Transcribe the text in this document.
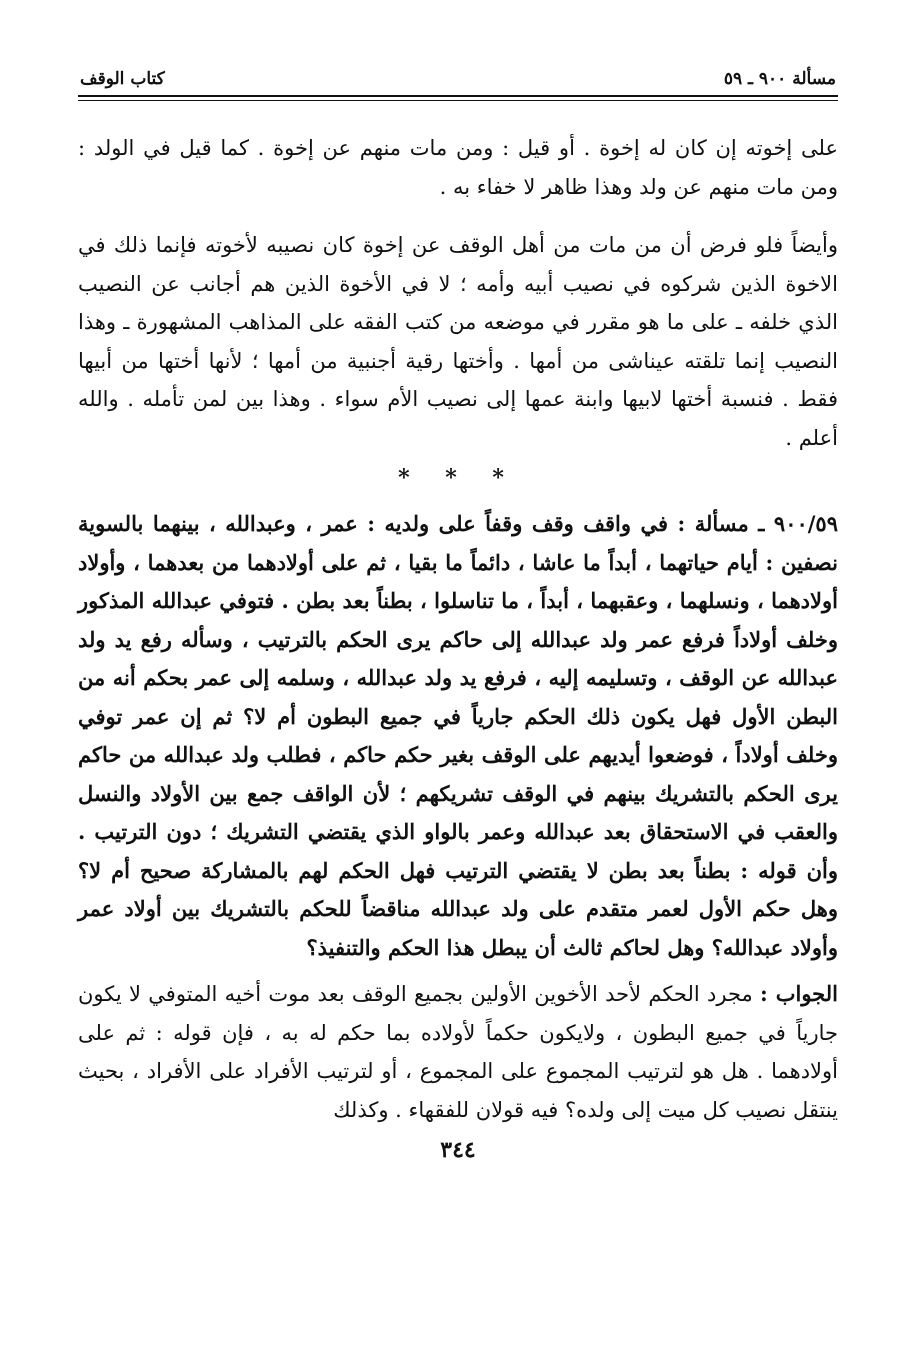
مسألة ٩٠٠ ـ ٥٩
كتاب الوقف

على إخوته إن كان له إخوة . أو قيل : ومن مات منهم عن إخوة . كما قيل في الولد : ومن مات منهم عن ولد وهذا ظاهر لا خفاء به .

وأيضاً فلو فرض أن من مات من أهل الوقف عن إخوة كان نصيبه لأخوته فإنما ذلك في الاخوة الذين شركوه في نصيب أبيه وأمه ؛ لا في الأخوة الذين هم أجانب عن النصيب الذي خلفه ـ على ما هو مقرر في موضعه من كتب الفقه على المذاهب المشهورة ـ وهذا النصيب إنما تلقته عيناشى من أمها . وأختها رقية أجنبية من أمها ؛ لأنها أختها من أبيها فقط . فنسبة أختها لابيها وابنة عمها إلى نصيب الأم سواء . وهذا بين لمن تأمله . والله أعلم .

* * *

٩٠٠/٥٩ ـ مسألة : في واقف وقف وقفاً على ولديه : عمر ، وعبدالله ، بينهما بالسوية نصفين : أيام حياتهما ، أبداً ما عاشا ، دائماً ما بقيا ، ثم على أولادهما من بعدهما ، وأولاد أولادهما ، ونسلهما ، وعقبهما ، أبداً ، ما تناسلوا ، بطناً بعد بطن . فتوفي عبدالله المذكور وخلف أولاداً فرفع عمر ولد عبدالله إلى حاكم يرى الحكم بالترتيب ، وسأله رفع يد ولد عبدالله عن الوقف ، وتسليمه إليه ، فرفع يد ولد عبدالله ، وسلمه إلى عمر بحكم أنه من البطن الأول فهل يكون ذلك الحكم جارياً في جميع البطون أم لا؟ ثم إن عمر توفي وخلف أولاداً ، فوضعوا أيديهم على الوقف بغير حكم حاكم ، فطلب ولد عبدالله من حاكم يرى الحكم بالتشريك بينهم في الوقف تشريكهم ؛ لأن الواقف جمع بين الأولاد والنسل والعقب في الاستحقاق بعد عبدالله وعمر بالواو الذي يقتضي التشريك ؛ دون الترتيب . وأن قوله : بطناً بعد بطن لا يقتضي الترتيب فهل الحكم لهم بالمشاركة صحيح أم لا؟ وهل حكم الأول لعمر متقدم على ولد عبدالله مناقضاً للحكم بالتشريك بين أولاد عمر وأولاد عبدالله؟ وهل لحاكم ثالث أن يبطل هذا الحكم والتنفيذ؟

الجواب : مجرد الحكم لأحد الأخوين الأولين بجميع الوقف بعد موت أخيه المتوفي لا يكون جارياً في جميع البطون ، ولايكون حكماً لأولاده بما حكم له به ، فإن قوله : ثم على أولادهما . هل هو لترتيب المجموع على المجموع ، أو لترتيب الأفراد على الأفراد ، بحيث ينتقل نصيب كل ميت إلى ولده؟ فيه قولان للفقهاء . وكذلك

٣٤٤
